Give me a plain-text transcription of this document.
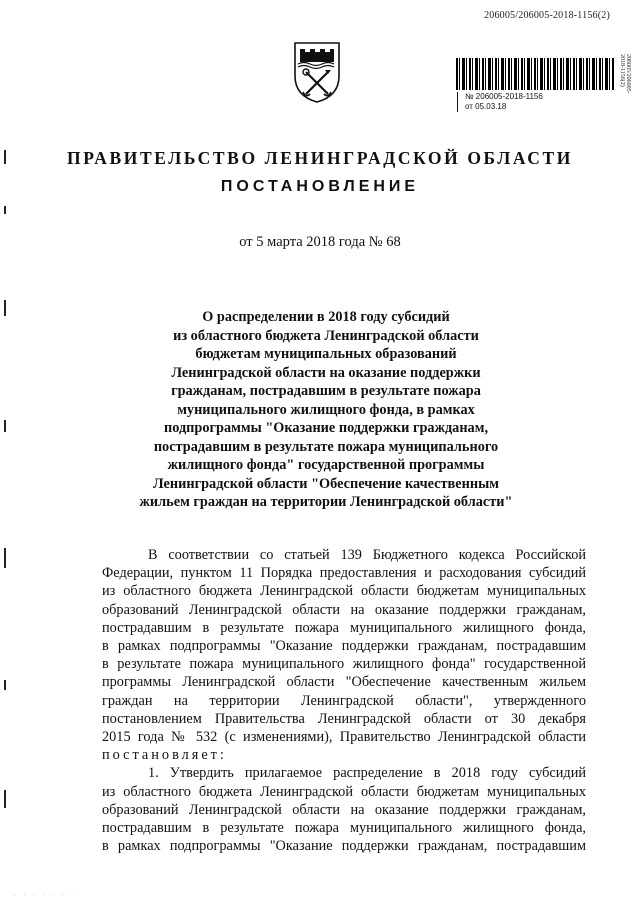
206005/206005-2018-1156(2)
206005/206005-2018-1156(2)
№ 206005-2018-1156
от 05.03.18
ПРАВИТЕЛЬСТВО ЛЕНИНГРАДСКОЙ ОБЛАСТИ
ПОСТАНОВЛЕНИЕ
от 5 марта 2018 года № 68
О распределении в 2018 году субсидий
из областного бюджета Ленинградской области
бюджетам муниципальных образований
Ленинградской области на оказание поддержки
гражданам, пострадавшим в результате пожара
муниципального жилищного фонда, в рамках
подпрограммы "Оказание поддержки гражданам,
пострадавшим в результате пожара муниципального
жилищного фонда" государственной программы
Ленинградской области "Обеспечение качественным
жильем граждан на территории Ленинградской области"
В соответствии со статьей 139 Бюджетного кодекса Российской
Федерации, пунктом 11 Порядка предоставления и расходования субсидий
из областного бюджета Ленинградской области бюджетам муниципальных
образований Ленинградской области на оказание поддержки гражданам,
пострадавшим в результате пожара муниципального жилищного фонда,
в рамках подпрограммы "Оказание поддержки гражданам, пострадавшим
в результате пожара муниципального жилищного фонда" государственной
программы Ленинградской области "Обеспечение качественным жильем
граждан на территории Ленинградской области", утвержденного
постановлением Правительства Ленинградской области от 30 декабря
2015 года № 532 (с изменениями), Правительство Ленинградской области
постановляет:
1. Утвердить прилагаемое распределение в 2018 году субсидий
из областного бюджета Ленинградской области бюджетам муниципальных
образований Ленинградской области на оказание поддержки гражданам,
пострадавшим в результате пожара муниципального жилищного фонда,
в рамках подпрограммы "Оказание поддержки гражданам, пострадавшим
· · · · · · ·
